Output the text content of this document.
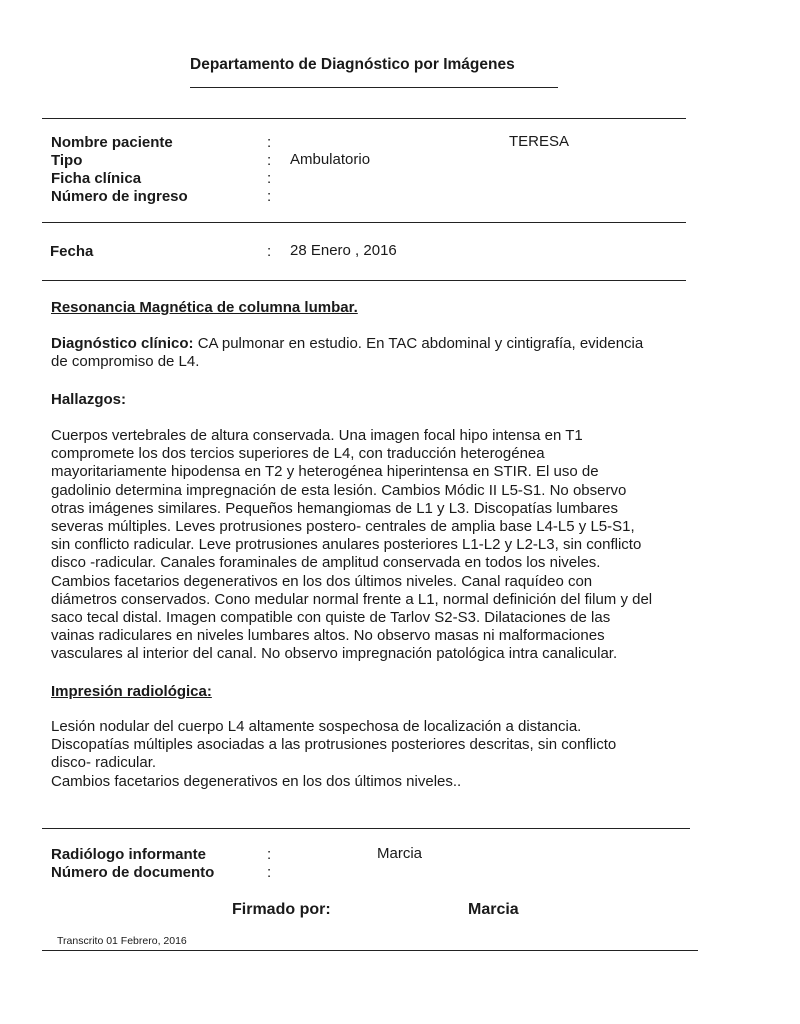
Departamento de Diagnóstico por Imágenes
Nombre paciente
Tipo
Ficha clínica
Número de ingreso
:
:
:
:
TERESA
Ambulatorio
Fecha	: 28 Enero , 2016
Resonancia Magnética de columna lumbar.
Diagnóstico clínico: CA pulmonar en estudio. En TAC abdominal y cintigrafía, evidencia
de compromiso de L4.
Hallazgos:
Cuerpos vertebrales de altura conservada. Una imagen focal hipo intensa en T1
compromete los dos tercios superiores de L4, con traducción heterogénea
mayoritariamente hipodensa en T2 y heterogénea hiperintensa en STIR. El uso de
gadolinio determina impregnación de esta lesión. Cambios Módic II L5-S1. No observo
otras imágenes similares. Pequeños hemangiomas de L1 y L3. Discopatías lumbares
severas múltiples. Leves protrusiones postero- centrales de amplia base L4-L5 y L5-S1,
sin conflicto radicular. Leve protrusiones anulares posteriores L1-L2 y L2-L3, sin conflicto
disco -radicular. Canales foraminales de amplitud conservada en todos los niveles.
Cambios facetarios degenerativos en los dos últimos niveles. Canal raquídeo con
diámetros conservados. Cono medular normal frente a L1, normal definición del filum y del
saco tecal distal. Imagen compatible con quiste de Tarlov S2-S3. Dilataciones de las
vainas radiculares en niveles lumbares altos. No observo masas ni malformaciones
vasculares al interior del canal. No observo impregnación patológica intra canalicular.
Impresión radiológica:
Lesión nodular del cuerpo L4 altamente sospechosa de localización a distancia.
Discopatías múltiples asociadas a las protrusiones posteriores descritas, sin conflicto
disco- radicular.
Cambios facetarios degenerativos en los dos últimos niveles..
Radiólogo informante
Número de documento
:
:
Marcia
Firmado por:	Marcia
Transcrito 01 Febrero, 2016
